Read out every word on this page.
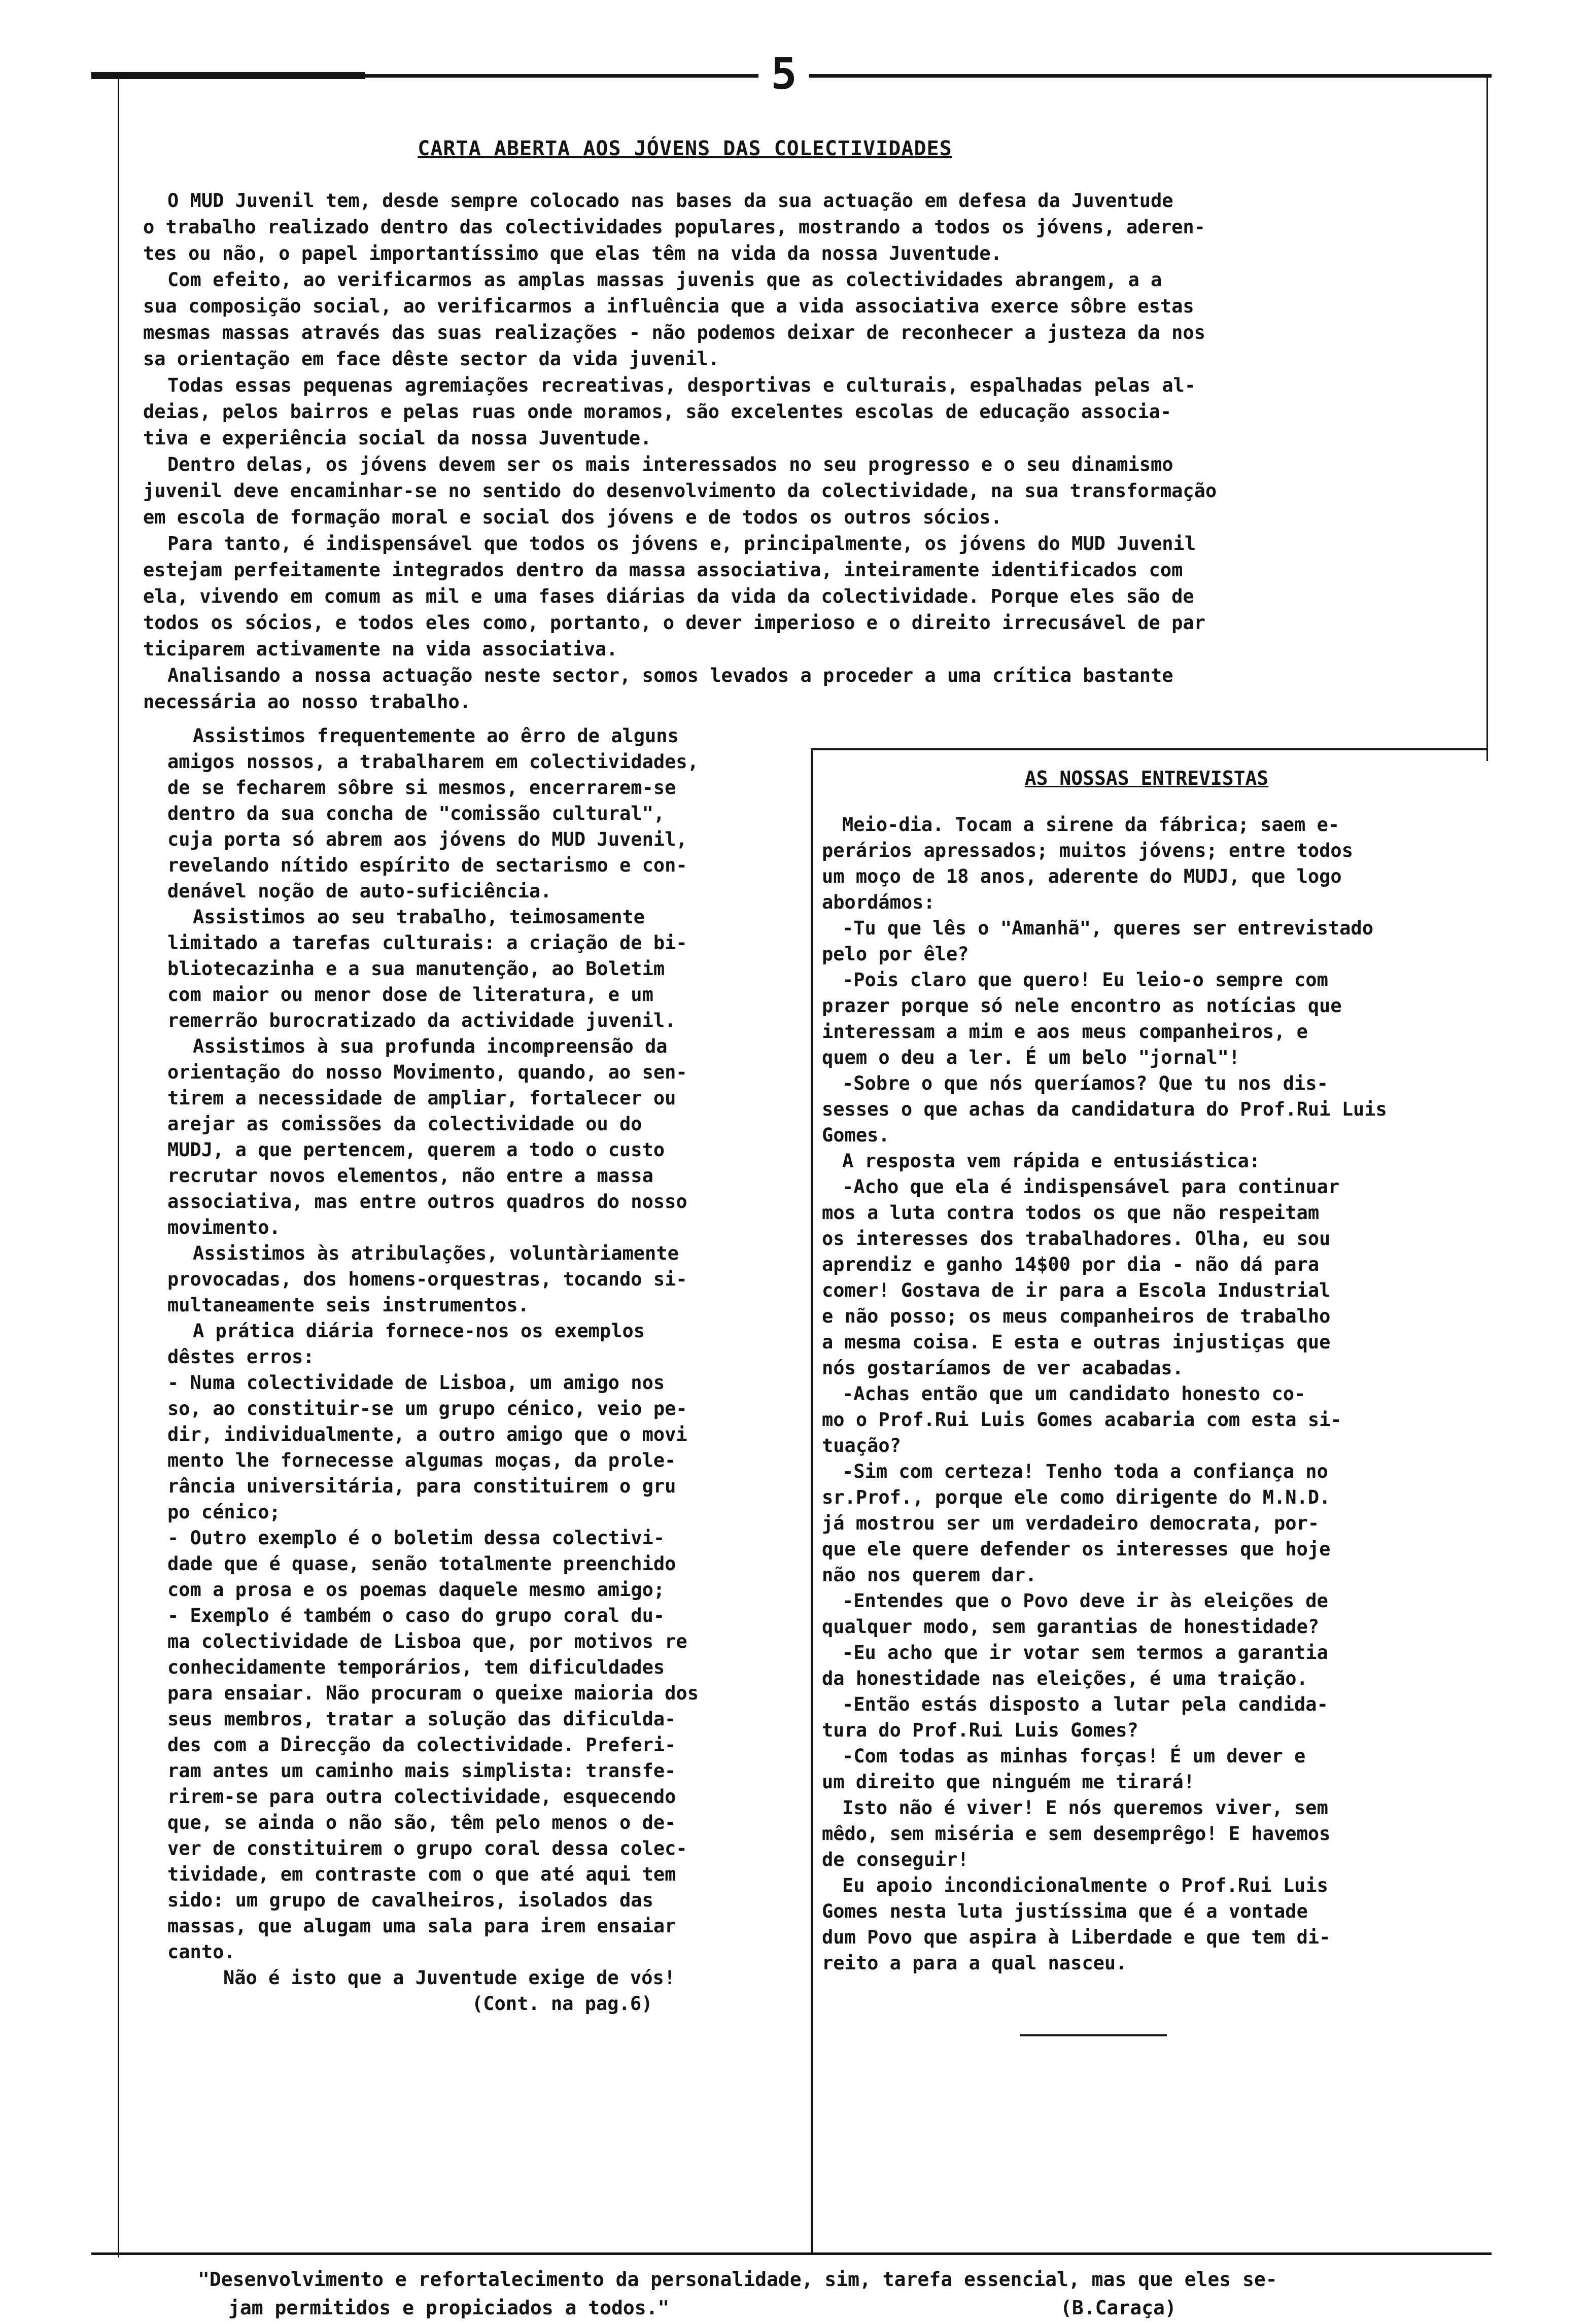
5
CARTA ABERTA AOS JÓVENS DAS COLECTIVIDADES
O MUD Juvenil tem, desde sempre colocado nas bases da sua actuação em defesa da Juventude
o trabalho realizado dentro das colectividades populares, mostrando a todos os jóvens, aderen-
tes ou não, o papel importantíssimo que elas têm na vida da nossa Juventude.
Com efeito, ao verificarmos as amplas massas juvenis que as colectividades abrangem, a a
sua composição social, ao verificarmos a influência que a vida associativa exerce sôbre estas
mesmas massas através das suas realizações - não podemos deixar de reconhecer a justeza da nos
sa orientação em face dêste sector da vida juvenil.
Todas essas pequenas agremiações recreativas, desportivas e culturais, espalhadas pelas al-
deias, pelos bairros e pelas ruas onde moramos, são excelentes escolas de educação associa-
tiva e experiência social da nossa Juventude.
Dentro delas, os jóvens devem ser os mais interessados no seu progresso e o seu dinamismo
juvenil deve encaminhar-se no sentido do desenvolvimento da colectividade, na sua transformação
em escola de formação moral e social dos jóvens e de todos os outros sócios.
Para tanto, é indispensável que todos os jóvens e, principalmente, os jóvens do MUD Juvenil
estejam perfeitamente integrados dentro da massa associativa, inteiramente identificados com
ela, vivendo em comum as mil e uma fases diárias da vida da colectividade. Porque eles são de
todos os sócios, e todos eles como, portanto, o dever imperioso e o direito irrecusável de par
ticiparem activamente na vida associativa.
Analisando a nossa actuação neste sector, somos levados a proceder a uma crítica bastante
necessária ao nosso trabalho.
Assistimos frequentemente ao êrro de alguns
amigos nossos, a trabalharem em colectividades,
de se fecharem sôbre si mesmos, encerrarem-se
dentro da sua concha de "comissão cultural",
cuja porta só abrem aos jóvens do MUD Juvenil,
revelando nítido espírito de sectarismo e con-
denável noção de auto-suficiência.
Assistimos ao seu trabalho, teimosamente
limitado a tarefas culturais: a criação de bi-
bliotecazinha e a sua manutenção, ao Boletim
com maior ou menor dose de literatura, e um
remerrão burocratizado da actividade juvenil.
Assistimos à sua profunda incompreensão da
orientação do nosso Movimento, quando, ao sen-
tirem a necessidade de ampliar, fortalecer ou
arejar as comissões da colectividade ou do
MUDJ, a que pertencem, querem a todo o custo
recrutar novos elementos, não entre a massa
associativa, mas entre outros quadros do nosso
movimento.
Assistimos às atribulações, voluntàriamente
provocadas, dos homens-orquestras, tocando si-
multaneamente seis instrumentos.
A prática diária fornece-nos os exemplos
dêstes erros:
- Numa colectividade de Lisboa, um amigo nos
so, ao constituir-se um grupo cénico, veio pe-
dir, individualmente, a outro amigo que o movi
mento lhe fornecesse algumas moças, da prole-
rância universitária, para constituirem o gru
po cénico;
- Outro exemplo é o boletim dessa colectivi-
dade que é quase, senão totalmente preenchido
com a prosa e os poemas daquele mesmo amigo;
- Exemplo é também o caso do grupo coral du-
ma colectividade de Lisboa que, por motivos re
conhecidamente temporários, tem dificuldades
para ensaiar. Não procuram o queixe maioria dos
seus membros, tratar a solução das dificulda-
des com a Direcção da colectividade. Preferi-
ram antes um caminho mais simplista: transfe-
rirem-se para outra colectividade, esquecendo
que, se ainda o não são, têm pelo menos o de-
ver de constituirem o grupo coral dessa colec-
tividade, em contraste com o que até aqui tem
sido: um grupo de cavalheiros, isolados das
massas, que alugam uma sala para irem ensaiar
canto.
Não é isto que a Juventude exige de vós!
(Cont. na pag.6)
AS NOSSAS ENTREVISTAS
Meio-dia. Tocam a sirene da fábrica; saem e-
perários apressados; muitos jóvens; entre todos
um moço de 18 anos, aderente do MUDJ, que logo
abordámos:
-Tu que lês o "Amanhã", queres ser entrevistado
pelo por êle?
-Pois claro que quero! Eu leio-o sempre com
prazer porque só nele encontro as notícias que
interessam a mim e aos meus companheiros, e
quem o deu a ler. É um belo "jornal"!
-Sobre o que nós queríamos? Que tu nos dis-
sesses o que achas da candidatura do Prof.Rui Luis
Gomes.
A resposta vem rápida e entusiástica:
-Acho que ela é indispensável para continuar
mos a luta contra todos os que não respeitam
os interesses dos trabalhadores. Olha, eu sou
aprendiz e ganho 14$00 por dia - não dá para
comer! Gostava de ir para a Escola Industrial
e não posso; os meus companheiros de trabalho
a mesma coisa. E esta e outras injustiças que
nós gostaríamos de ver acabadas.
-Achas então que um candidato honesto co-
mo o Prof.Rui Luis Gomes acabaria com esta si-
tuação?
-Sim com certeza! Tenho toda a confiança no
sr.Prof., porque ele como dirigente do M.N.D.
já mostrou ser um verdadeiro democrata, por-
que ele quere defender os interesses que hoje
não nos querem dar.
-Entendes que o Povo deve ir às eleições de
qualquer modo, sem garantias de honestidade?
-Eu acho que ir votar sem termos a garantia
da honestidade nas eleições, é uma traição.
-Então estás disposto a lutar pela candida-
tura do Prof.Rui Luis Gomes?
-Com todas as minhas forças! É um dever e
um direito que ninguém me tirará!
Isto não é viver! E nós queremos viver, sem
mêdo, sem miséria e sem desemprêgo! E havemos
de conseguir!
Eu apoio incondicionalmente o Prof.Rui Luis
Gomes nesta luta justíssima que é a vontade
dum Povo que aspira à Liberdade e que tem di-
reito a para a qual nasceu.
"Desenvolvimento e refortalecimento da personalidade, sim, tarefa essencial, mas que eles se-
jam permitidos e propiciados a todos."	(B.Caraça)
